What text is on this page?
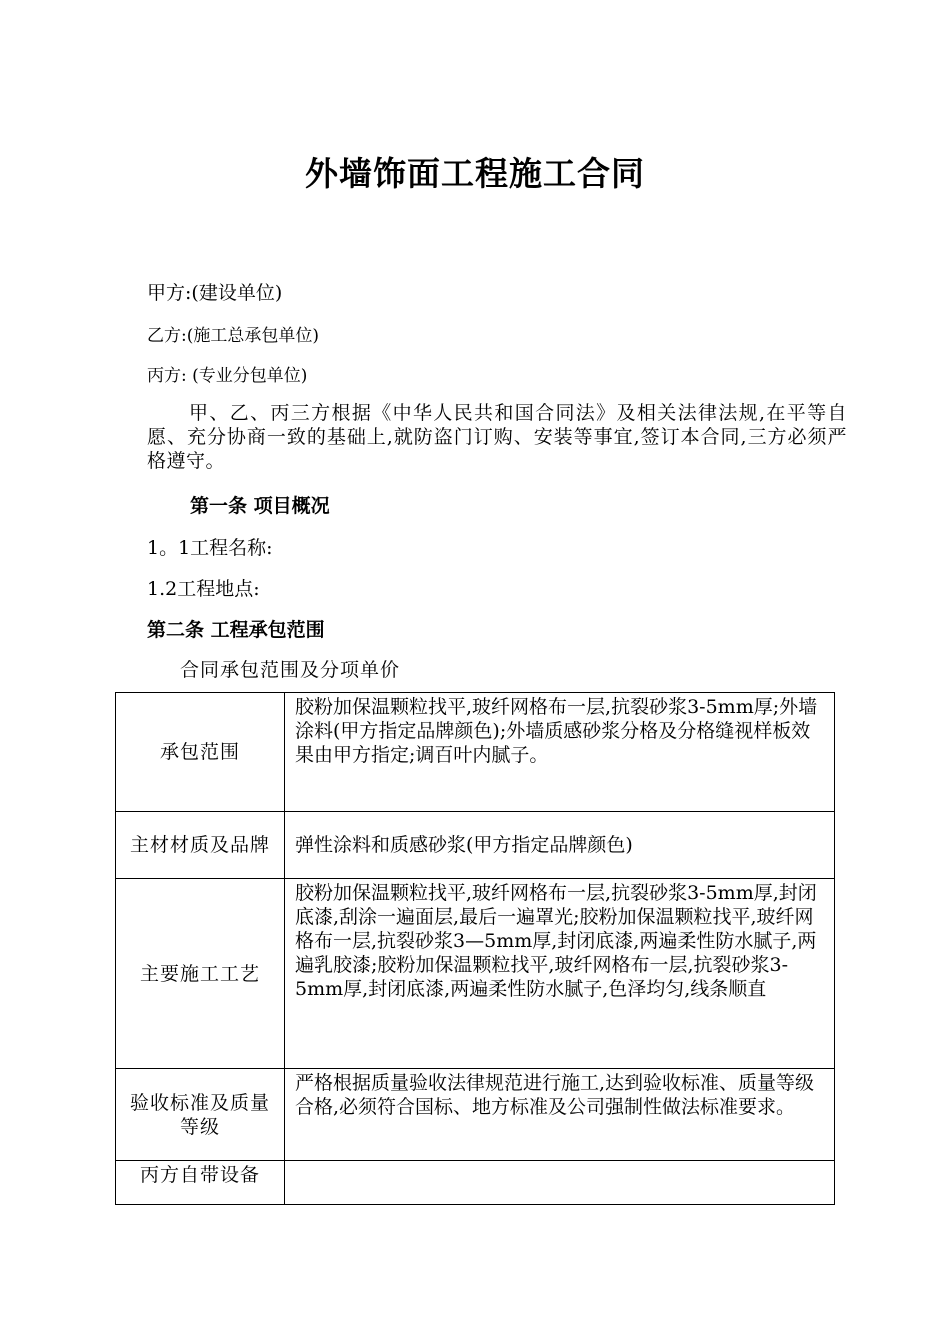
外墙饰面工程施工合同
甲方:(建设单位)
乙方:(施工总承包单位)
丙方: (专业分包单位)
甲、乙、丙三方根据《中华人民共和国合同法》及相关法律法规,在平等自愿、充分协商一致的基础上,就防盗门订购、安装等事宜,签订本合同,三方必须严格遵守。
第一条 项目概况
1。1工程名称:
1.2工程地点:
第二条 工程承包范围
合同承包范围及分项单价
承包范围	胶粉加保温颗粒找平,玻纤网格布一层,抗裂砂浆3-5mm厚;外墙涂料(甲方指定品牌颜色);外墙质感砂浆分格及分格缝视样板效果由甲方指定;调百叶内腻子。
主材材质及品牌	弹性涂料和质感砂浆(甲方指定品牌颜色)
主要施工工艺	胶粉加保温颗粒找平,玻纤网格布一层,抗裂砂浆3-5mm厚,封闭底漆,刮涂一遍面层,最后一遍罩光;胶粉加保温颗粒找平,玻纤网格布一层,抗裂砂浆3—5mm厚,封闭底漆,两遍柔性防水腻子,两遍乳胶漆;胶粉加保温颗粒找平,玻纤网格布一层,抗裂砂浆3-5mm厚,封闭底漆,两遍柔性防水腻子,色泽均匀,线条顺直
验收标准及质量等级	严格根据质量验收法律规范进行施工,达到验收标准、质量等级合格,必须符合国标、地方标准及公司强制性做法标准要求。
丙方自带设备	
